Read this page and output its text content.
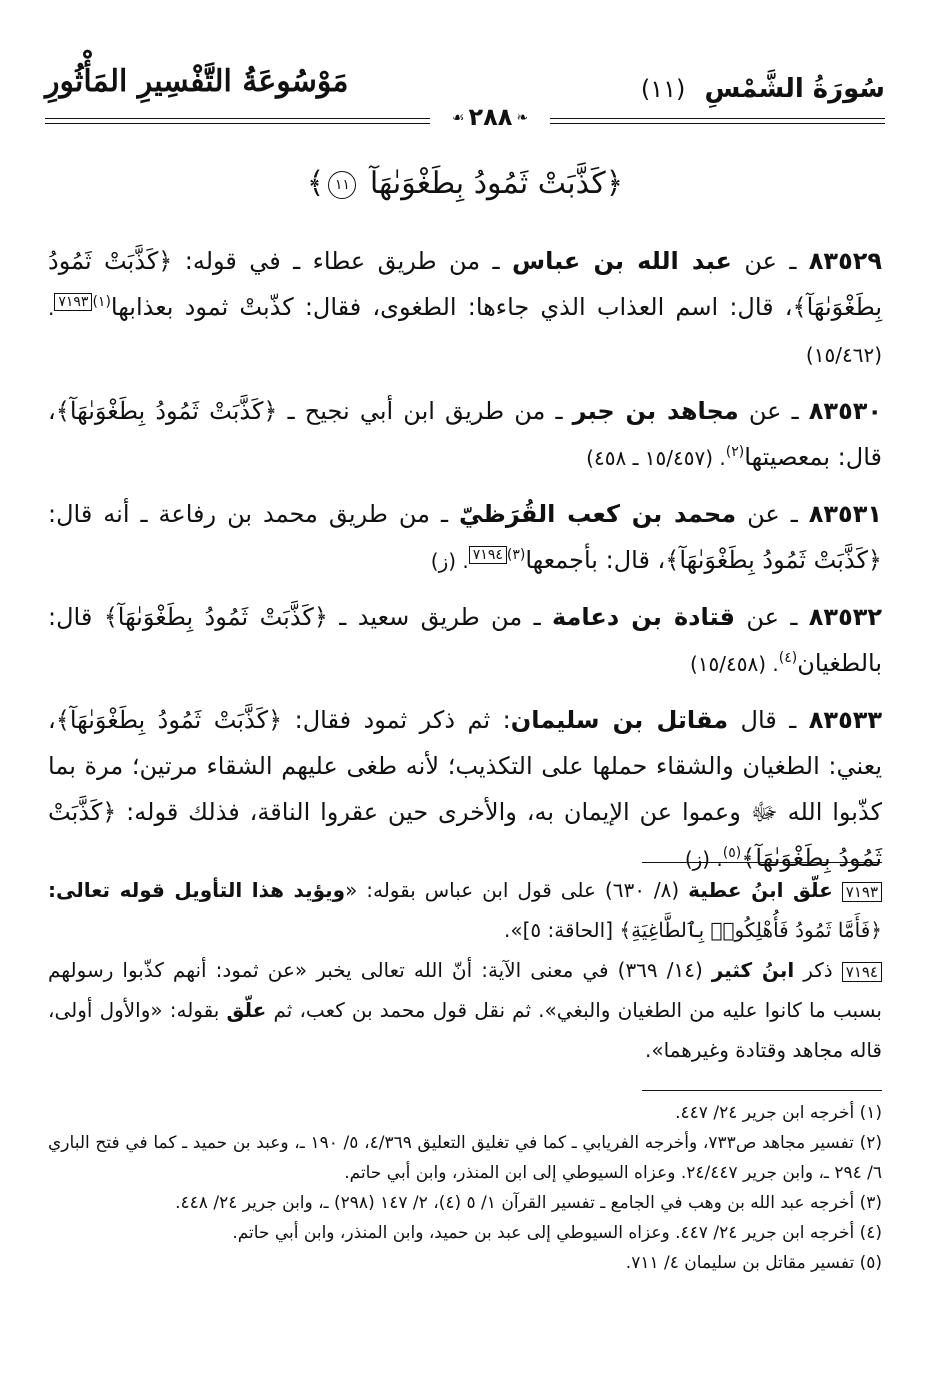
سُورَةُ الشَّمْسِ (١١)
مَوْسُوعَةُ التَّفْسِيرِ المَأْثُورِ
❧٢٨٨☙
﴿كَذَّبَتْ ثَمُودُ بِطَغْوَىٰهَآ ١١﴾

٨٣٥٢٩ ـ عن عبد الله بن عباس ـ من طريق عطاء ـ في قوله: ﴿كَذَّبَتْ ثَمُودُ بِطَغْوَىٰهَآ﴾، قال: اسم العذاب الذي جاءها: الطغوى، فقال: كذّبتْ ثمود بعذابها$^{(١)}$٧١٩٣. (١٥/٤٦٢)

٨٣٥٣٠ ـ عن مجاهد بن جبر ـ من طريق ابن أبي نجيح ـ ﴿كَذَّبَتْ ثَمُودُ بِطَغْوَىٰهَآ﴾، قال: بمعصيتها$^{(٢)}$. (١٥/٤٥٧ ـ ٤٥٨)

٨٣٥٣١ ـ عن محمد بن كعب القُرَظيّ ـ من طريق محمد بن رفاعة ـ أنه قال: ﴿كَذَّبَتْ ثَمُودُ بِطَغْوَىٰهَآ﴾، قال: بأجمعها$^{(٣)}$٧١٩٤. (ز)

٨٣٥٣٢ ـ عن قتادة بن دعامة ـ من طريق سعيد ـ ﴿كَذَّبَتْ ثَمُودُ بِطَغْوَىٰهَآ﴾ قال: بالطغيان$^{(٤)}$. (١٥/٤٥٨)

٨٣٥٣٣ ـ قال مقاتل بن سليمان: ثم ذكر ثمود فقال: ﴿كَذَّبَتْ ثَمُودُ بِطَغْوَىٰهَآ﴾، يعني: الطغيان والشقاء حملها على التكذيب؛ لأنه طغى عليهم الشقاء مرتين؛ مرة بما كذّبوا الله ﷻ وعموا عن الإيمان به، والأخرى حين عقروا الناقة، فذلك قوله: ﴿كَذَّبَتْ ثَمُودُ بِطَغْوَىٰهَآ﴾$^{(٥)}$. (ز)

٧١٩٣ علّق ابنُ عطية (٨/ ٦٣٠) على قول ابن عباس بقوله: «ويؤيد هذا التأويل قوله تعالى: ﴿فَأَمَّا ثَمُودُ فَأُهْلِكُوا۟ بِٱلطَّاغِيَةِ﴾ [الحاقة: ٥]».
٧١٩٤ ذكر ابنُ كثير (١٤/ ٣٦٩) في معنى الآية: أنّ الله تعالى يخبر «عن ثمود: أنهم كذّبوا رسولهم بسبب ما كانوا عليه من الطغيان والبغي». ثم نقل قول محمد بن كعب، ثم علّق بقوله: «والأول أولى، قاله مجاهد وقتادة وغيرهما».

(١) أخرجه ابن جرير ٢٤/ ٤٤٧.

(٢) تفسير مجاهد ص٧٣٣، وأخرجه الفريابي ـ كما في تغليق التعليق ٤/٣٦٩، ٥/ ١٩٠ ـ، وعبد بن حميد ـ كما في فتح الباري ٦/ ٢٩٤ ـ، وابن جرير ٢٤/٤٤٧. وعزاه السيوطي إلى ابن المنذر، وابن أبي حاتم.

(٣) أخرجه عبد الله بن وهب في الجامع ـ تفسير القرآن ١/ ٥ (٤)، ٢/ ١٤٧ (٢٩٨) ـ، وابن جرير ٢٤/ ٤٤٨.

(٤) أخرجه ابن جرير ٢٤/ ٤٤٧. وعزاه السيوطي إلى عبد بن حميد، وابن المنذر، وابن أبي حاتم.

(٥) تفسير مقاتل بن سليمان ٤/ ٧١١.
